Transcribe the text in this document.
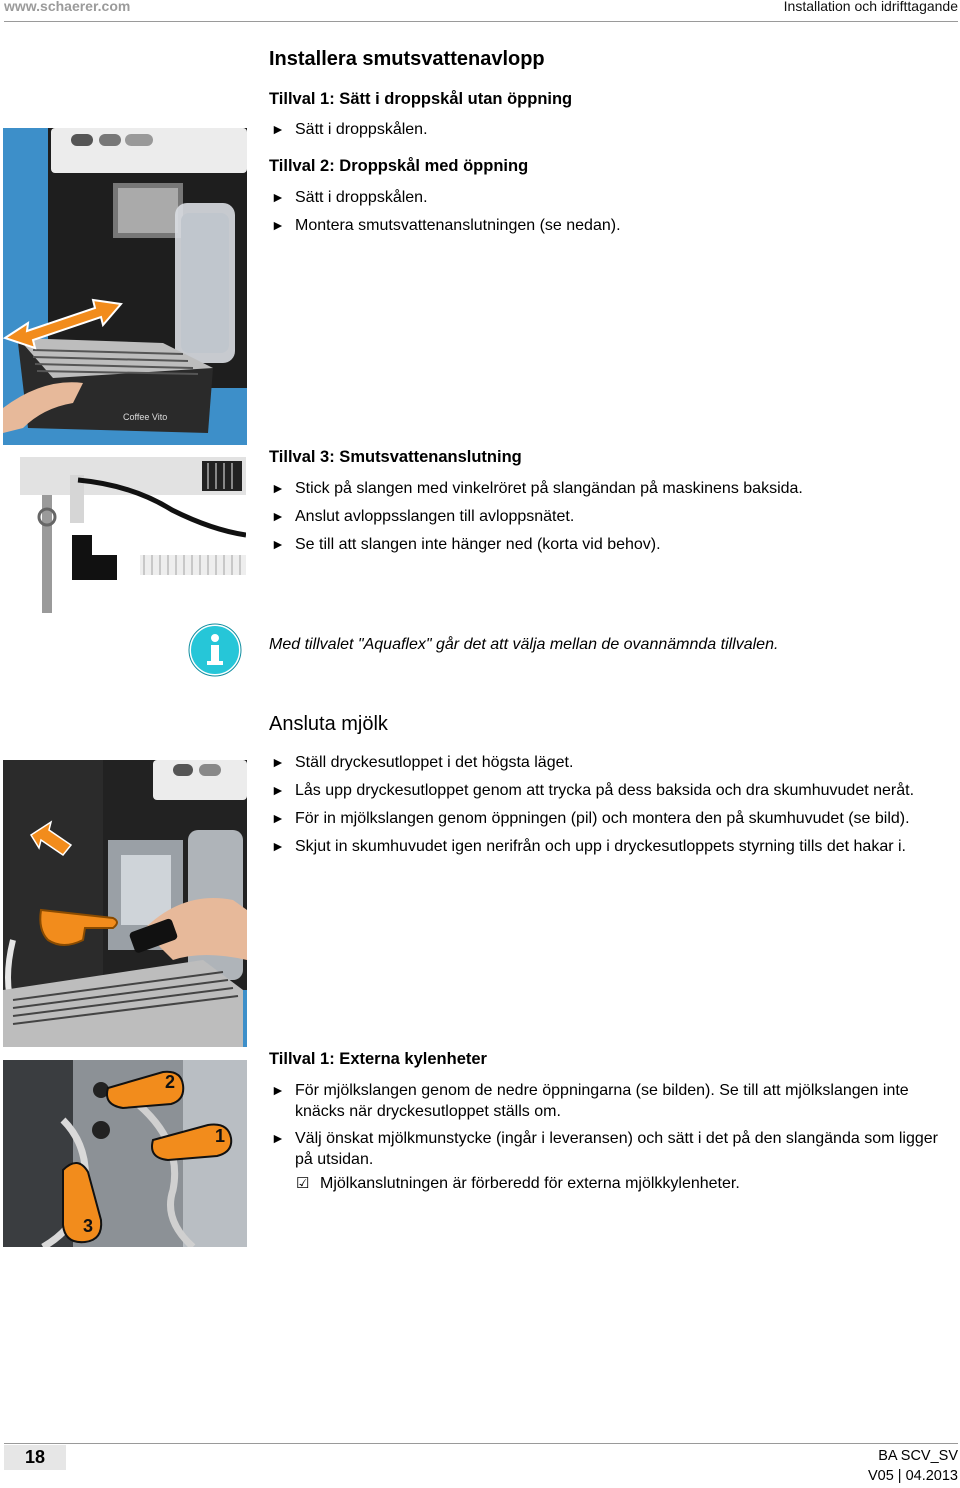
www.schaerer.com	Installation och idrifttagande
Installera smutsvattenavlopp
Tillval 1: Sätt i droppskål utan öppning
► Sätt i droppskålen.
Tillval 2: Droppskål med öppning
► Sätt i droppskålen.
► Montera smutsvattenanslutningen (se nedan).
Coffee Vito
Tillval 3: Smutsvattenanslutning
► Stick på slangen med vinkelröret på slangändan på maskinens baksida.
► Anslut avloppsslangen till avloppsnätet.
► Se till att slangen inte hänger ned (korta vid behov).
Med tillvalet "Aquaflex" går det att välja mellan de ovannämnda tillvalen.
Ansluta mjölk
► Ställ dryckesutloppet i det högsta läget.
► Lås upp dryckesutloppet genom att trycka på dess baksida och dra skumhuvudet neråt.
► För in mjölkslangen genom öppningen (pil) och montera den på skumhuvudet (se bild).
► Skjut in skumhuvudet igen nerifrån och upp i dryckesutloppets styrning tills det hakar i.
2
1
3
Tillval 1: Externa kylenheter
► För mjölkslangen genom de nedre öppningarna (se bilden). Se till att mjölkslangen inte knäcks när dryckesutloppet ställs om.
► Välj önskat mjölkmunstycke (ingår i leveransen) och sätt i det på den slangända som ligger på utsidan.
☑ Mjölkanslutningen är förberedd för externa mjölkkylenheter.
18	BA SCV_SV
V05 | 04.2013
